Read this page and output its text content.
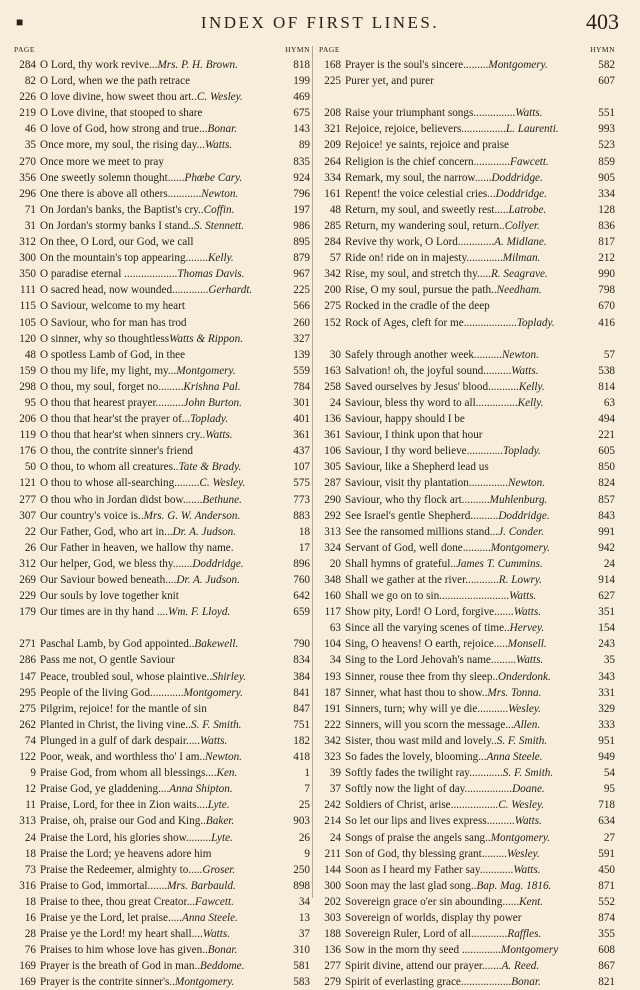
■	INDEX OF FIRST LINES.	403
PAGE	HYMN
284 O Lord, thy work revive...Mrs. P. H. Brown.	818
82 O Lord, when we the path retrace	199
226 O love divine, how sweet thou art..C. Wesley.	469
219 O Love divine, that stooped to share	675
46 O love of God, how strong and true...Bonar.	143
35 Once more, my soul, the rising day...Watts.	89
270 Once more we meet to pray	835
356 One sweetly solemn thought......Phœbe Cary.	924
296 One there is above all others............Newton.	796
71 On Jordan's banks, the Baptist's cry..Coffin.	197
31 On Jordan's stormy banks I stand..S. Stennett.	986
312 On thee, O Lord, our God, we call	895
300 On the mountain's top appearing........Kelly.	879
350 O paradise eternal ...................Thomas Davis.	967
111 O sacred head, now wounded.............Gerhardt.	225
115 O Saviour, welcome to my heart	566
105 O Saviour, who for man has trod	260
120 O sinner, why so thoughtlessWatts & Rippon.	327
48 O spotless Lamb of God, in thee	139
159 O thou my life, my light, my...Montgomery.	559
298 O thou, my soul, forget no.........Krishna Pal.	784
95 O thou that hearest prayer..........John Burton.	301
206 O thou that hear'st the prayer of...Toplady.	401
119 O thou that hear'st when sinners cry..Watts.	361
176 O thou, the contrite sinner's friend	437
50 O thou, to whom all creatures..Tate & Brady.	107
121 O thou to whose all-searching.........C. Wesley.	575
277 O thou who in Jordan didst bow.......Bethune.	773
307 Our country's voice is..Mrs. G. W. Anderson.	883
22 Our Father, God, who art in...Dr. A. Judson.	18
26 Our Father in heaven, we hallow thy name.	17
312 Our helper, God, we bless thy.......Doddridge.	896
269 Our Saviour bowed beneath....Dr. A. Judson.	760
229 Our souls by love together knit	642
179 Our times are in thy hand ....Wm. F. Lloyd.	659
271 Paschal Lamb, by God appointed..Bakewell.	790
286 Pass me not, O gentle Saviour	834
147 Peace, troubled soul, whose plaintive..Shirley.	384
295 People of the living God............Montgomery.	841
275 Pilgrim, rejoice! for the mantle of sin	847
262 Planted in Christ, the living vine..S. F. Smith.	751
74 Plunged in a gulf of dark despair.....Watts.	182
122 Poor, weak, and worthless tho' I am..Newton.	418
9 Praise God, from whom all blessings....Ken.	1
12 Praise God, ye gladdening....Anna Shipton.	7
11 Praise, Lord, for thee in Zion waits....Lyte.	25
313 Praise, oh, praise our God and King..Baker.	903
24 Praise the Lord, his glories show.........Lyte.	26
18 Praise the Lord; ye heavens adore him	9
73 Praise the Redeemer, almighty to.....Groser.	250
316 Praise to God, immortal.......Mrs. Barbauld.	898
18 Praise to thee, thou great Creator...Fawcett.	34
16 Praise ye the Lord, let praise.....Anna Steele.	13
28 Praise ye the Lord! my heart shall....Watts.	37
76 Praises to him whose love has given..Bonar.	310
169 Prayer is the breath of God in man..Beddome.	581
169 Prayer is the contrite sinner's..Montgomery.	583
PAGE	HYMN
168 Prayer is the soul's sincere.........Montgomery.	582
225 Purer yet, and purer	607
208 Raise your triumphant songs...............Watts.	551
321 Rejoice, rejoice, believers................L. Laurenti.	993
209 Rejoice! ye saints, rejoice and praise	523
264 Religion is the chief concern.............Fawcett.	859
334 Remark, my soul, the narrow......Doddridge.	905
161 Repent! the voice celestial cries...Doddridge.	334
48 Return, my soul, and sweetly rest.....Latrobe.	128
285 Return, my wandering soul, return..Collyer.	836
284 Revive thy work, O Lord.............A. Midlane.	817
57 Ride on! ride on in majesty.............Milman.	212
342 Rise, my soul, and stretch thy.....R. Seagrave.	990
200 Rise, O my soul, pursue the path..Needham.	798
275 Rocked in the cradle of the deep	670
152 Rock of Ages, cleft for me...................Toplady.	416
30 Safely through another week..........Newton.	57
163 Salvation! oh, the joyful sound..........Watts.	538
258 Saved ourselves by Jesus' blood...........Kelly.	814
24 Saviour, bless thy word to all...............Kelly.	63
136 Saviour, happy should I be	494
361 Saviour, I think upon that hour	221
106 Saviour, I thy word believe.............Toplady.	605
305 Saviour, like a Shepherd lead us	850
287 Saviour, visit thy plantation..............Newton.	824
290 Saviour, who thy flock art..........Muhlenburg.	857
292 See Israel's gentle Shepherd..........Doddridge.	843
313 See the ransomed millions stand...J. Conder.	991
324 Servant of God, well done..........Montgomery.	942
20 Shall hymns of grateful..James T. Cummins.	24
348 Shall we gather at the river............R. Lowry.	914
160 Shall we go on to sin.........................Watts.	627
117 Show pity, Lord! O Lord, forgive.......Watts.	351
63 Since all the varying scenes of time..Hervey.	154
104 Sing, O heavens! O earth, rejoice.....Monsell.	243
34 Sing to the Lord Jehovah's name.........Watts.	35
193 Sinner, rouse thee from thy sleep..Onderdonk.	343
187 Sinner, what hast thou to show..Mrs. Tonna.	331
191 Sinners, turn; why will ye die...........Wesley.	329
222 Sinners, will you scorn the message...Allen.	333
342 Sister, thou wast mild and lovely..S. F. Smith.	951
323 So fades the lovely, blooming...Anna Steele.	949
39 Softly fades the twilight ray............S. F. Smith.	54
37 Softly now the light of day.................Doane.	95
242 Soldiers of Christ, arise.................C. Wesley.	718
214 So let our lips and lives express..........Watts.	634
24 Songs of praise the angels sang..Montgomery.	27
211 Son of God, thy blessing grant.........Wesley.	591
144 Soon as I heard my Father say............Watts.	450
300 Soon may the last glad song..Bap. Mag. 1816.	871
202 Sovereign grace o'er sin abounding......Kent.	552
303 Sovereign of worlds, display thy power	874
188 Sovereign Ruler, Lord of all.............Raffles.	355
136 Sow in the morn thy seed ..............Montgomery	608
277 Spirit divine, attend our prayer.......A. Reed.	867
279 Spirit of everlasting grace..................Bonar.	821
